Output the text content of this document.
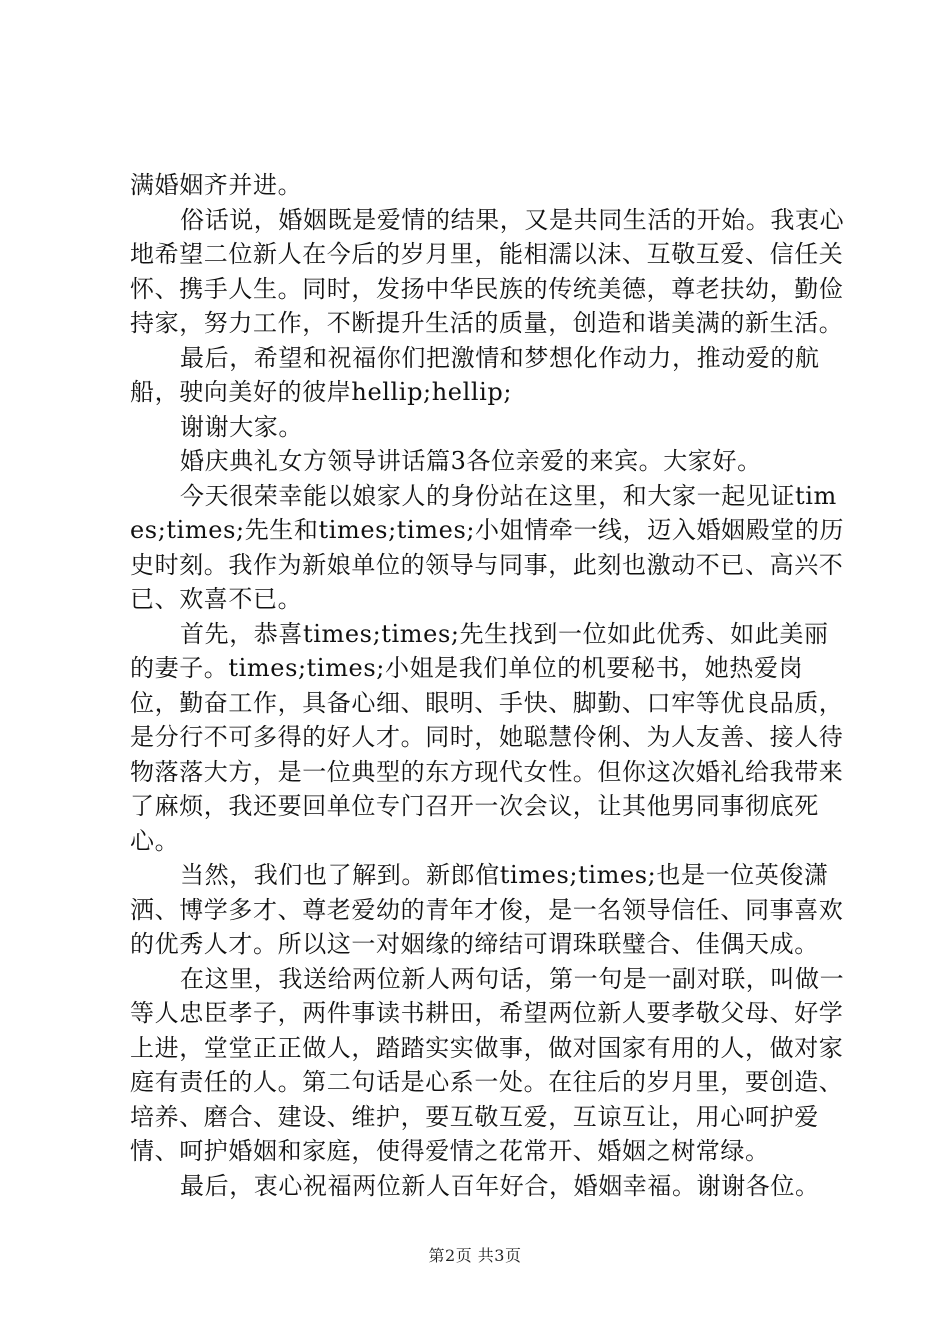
满婚姻齐并进。

俗话说，婚姻既是爱情的结果，又是共同生活的开始。我衷心地希望二位新人在今后的岁月里，能相濡以沫、互敬互爱、信任关怀、携手人生。同时，发扬中华民族的传统美德，尊老扶幼，勤俭持家，努力工作，不断提升生活的质量，创造和谐美满的新生活。

最后，希望和祝福你们把激情和梦想化作动力，推动爱的航船，驶向美好的彼岸hellip;hellip;

谢谢大家。

婚庆典礼女方领导讲话篇3各位亲爱的来宾。大家好。

今天很荣幸能以娘家人的身份站在这里，和大家一起见证times;times;先生和times;times;小姐情牵一线，迈入婚姻殿堂的历史时刻。我作为新娘单位的领导与同事，此刻也激动不已、高兴不已、欢喜不已。

首先，恭喜times;times;先生找到一位如此优秀、如此美丽的妻子。times;times;小姐是我们单位的机要秘书，她热爱岗位，勤奋工作，具备心细、眼明、手快、脚勤、口牢等优良品质，是分行不可多得的好人才。同时，她聪慧伶俐、为人友善、接人待物落落大方，是一位典型的东方现代女性。但你这次婚礼给我带来了麻烦，我还要回单位专门召开一次会议，让其他男同事彻底死心。

当然，我们也了解到。新郎倌times;times;也是一位英俊潇洒、博学多才、尊老爱幼的青年才俊，是一名领导信任、同事喜欢的优秀人才。所以这一对姻缘的缔结可谓珠联璧合、佳偶天成。

在这里，我送给两位新人两句话，第一句是一副对联，叫做一等人忠臣孝子，两件事读书耕田，希望两位新人要孝敬父母、好学上进，堂堂正正做人，踏踏实实做事，做对国家有用的人，做对家庭有责任的人。第二句话是心系一处。在往后的岁月里，要创造、培养、磨合、建设、维护，要互敬互爱，互谅互让，用心呵护爱情、呵护婚姻和家庭，使得爱情之花常开、婚姻之树常绿。

最后，衷心祝福两位新人百年好合，婚姻幸福。谢谢各位。

第2页 共3页
